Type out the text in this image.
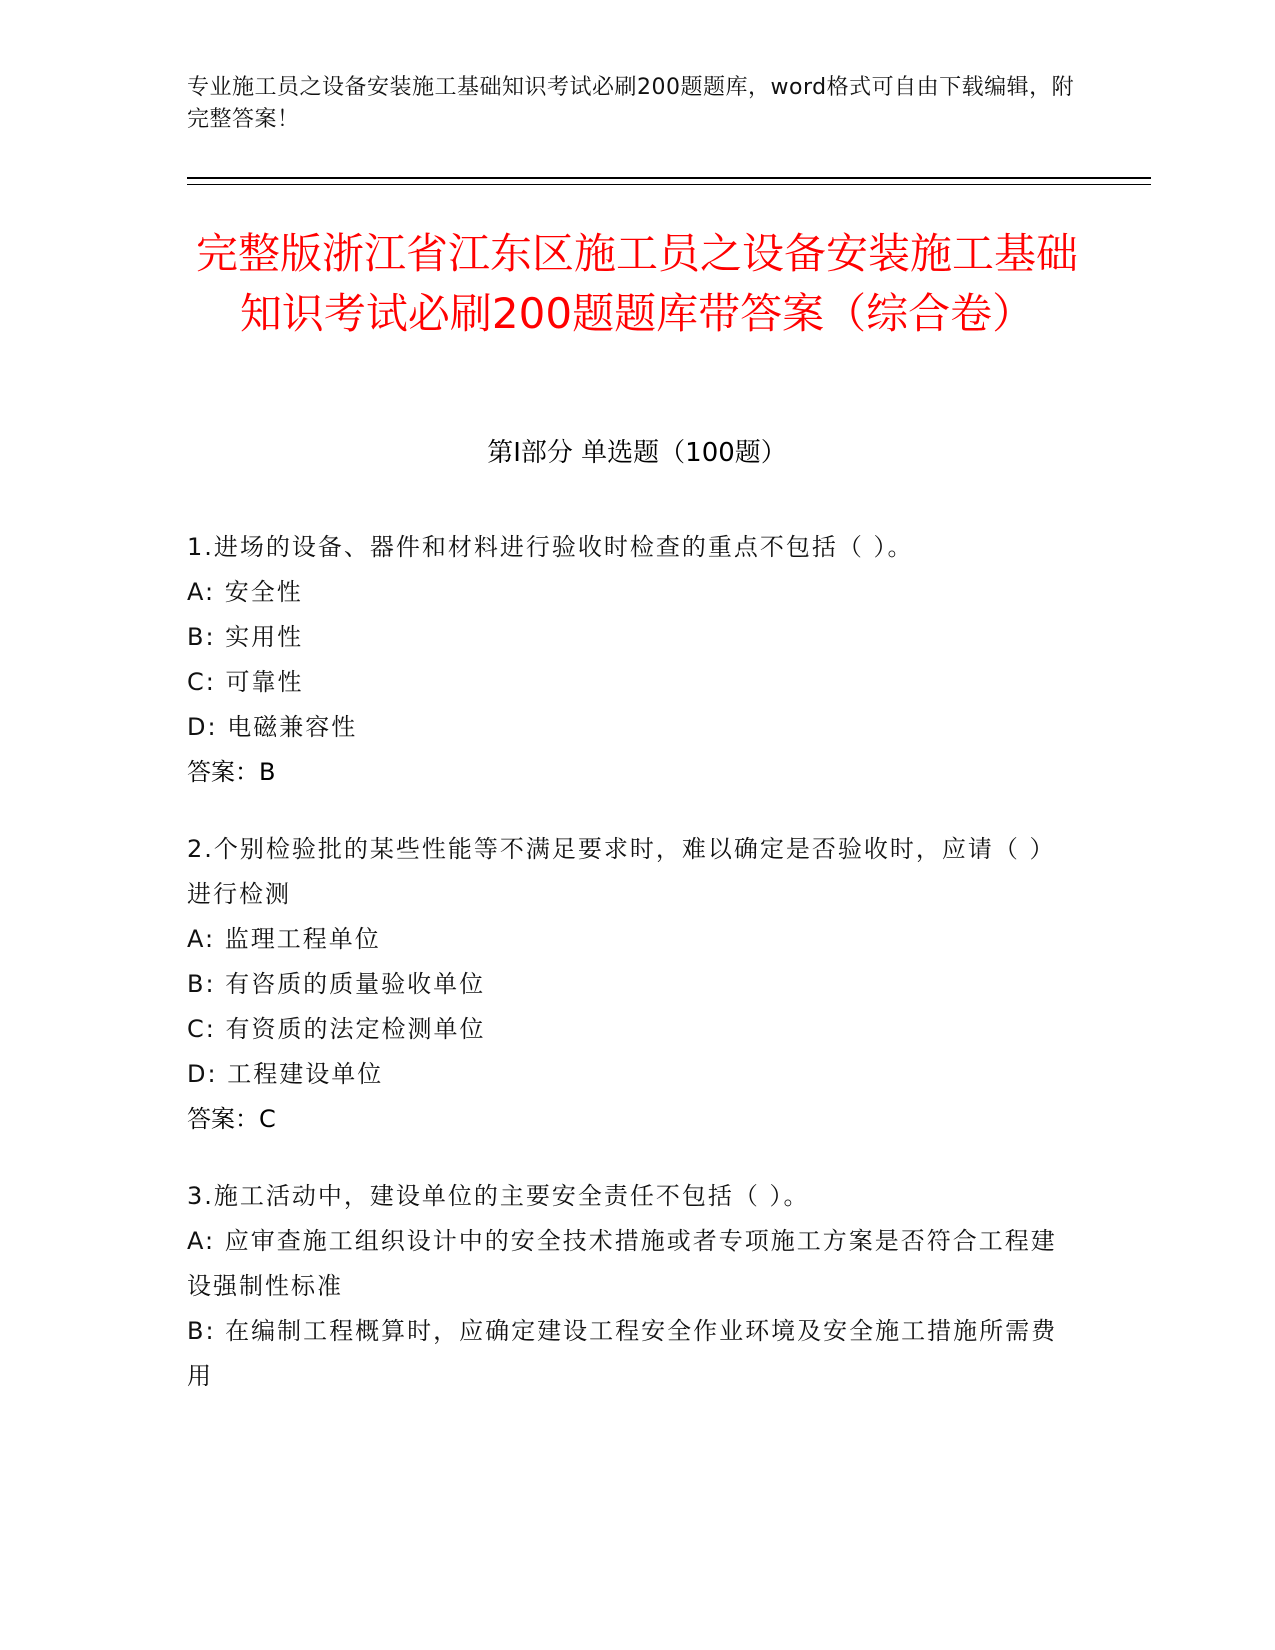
专业施工员之设备安装施工基础知识考试必刷200题题库，word格式可自由下载编辑，附完整答案！
完整版浙江省江东区施工员之设备安装施工基础知识考试必刷200题题库带答案（综合卷）
第Ⅰ部分 单选题（100题）
1.进场的设备、器件和材料进行验收时检查的重点不包括（ ）。
A: 安全性
B: 实用性
C: 可靠性
D: 电磁兼容性
答案：B
2.个别检验批的某些性能等不满足要求时，难以确定是否验收时，应请（ ）进行检测
A: 监理工程单位
B: 有咨质的质量验收单位
C: 有资质的法定检测单位
D: 工程建设单位
答案：C
3.施工活动中，建设单位的主要安全责任不包括（ ）。
A: 应审查施工组织设计中的安全技术措施或者专项施工方案是否符合工程建设强制性标准
B: 在编制工程概算时，应确定建设工程安全作业环境及安全施工措施所需费用
